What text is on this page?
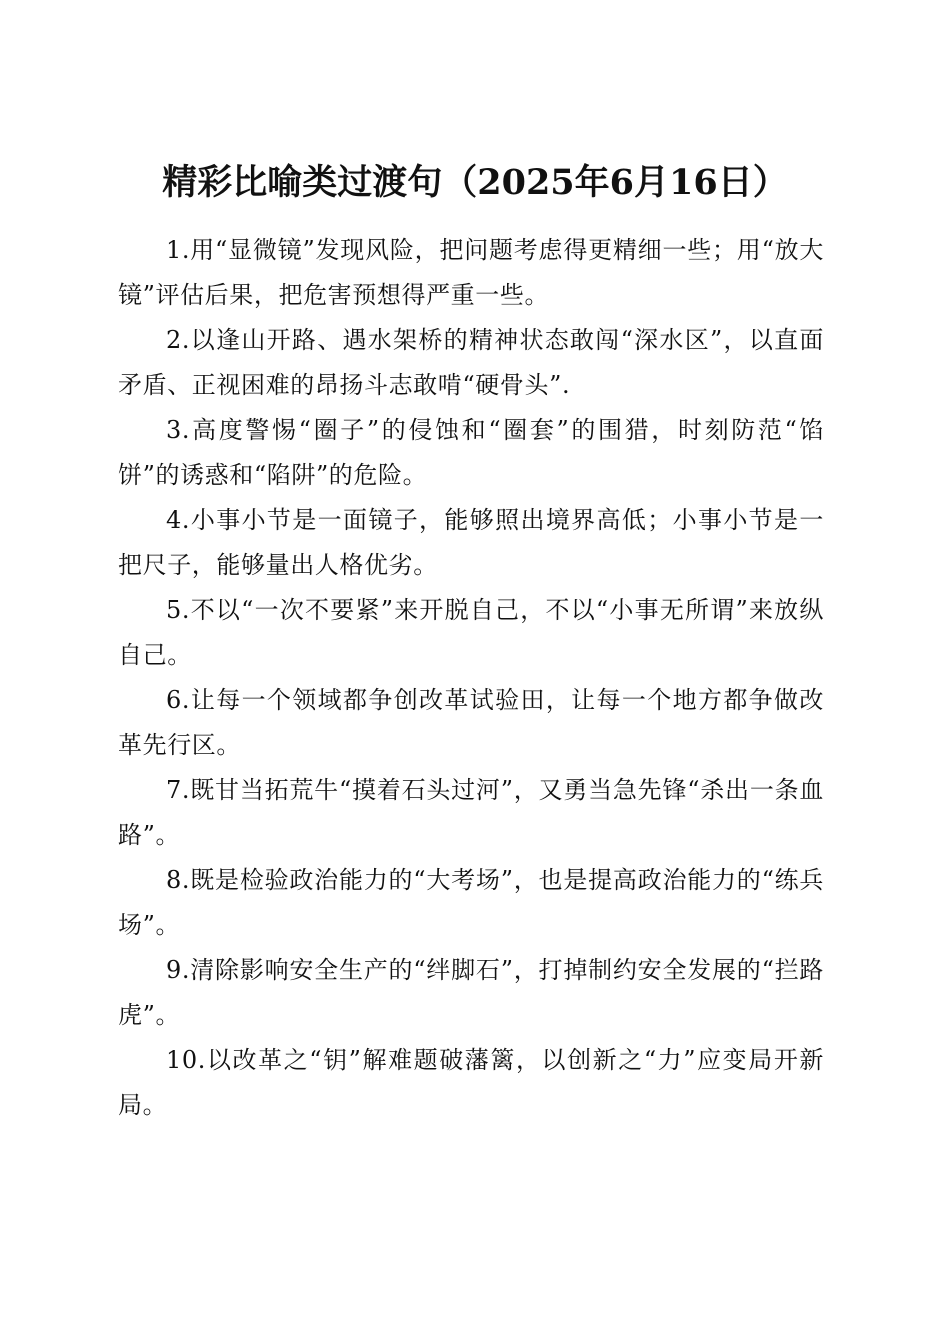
精彩比喻类过渡句（2025年6月16日）

1.用“显微镜”发现风险，把问题考虑得更精细一些；用“放大镜”评估后果，把危害预想得严重一些。

2.以逢山开路、遇水架桥的精神状态敢闯“深水区”，以直面矛盾、正视困难的昂扬斗志敢啃“硬骨头”.

3.高度警惕“圈子”的侵蚀和“圈套”的围猎，时刻防范“馅饼”的诱惑和“陷阱”的危险。

4.小事小节是一面镜子，能够照出境界高低；小事小节是一把尺子，能够量出人格优劣。

5.不以“一次不要紧”来开脱自己，不以“小事无所谓”来放纵自己。

6.让每一个领域都争创改革试验田，让每一个地方都争做改革先行区。

7.既甘当拓荒牛“摸着石头过河”，又勇当急先锋“杀出一条血路”。

8.既是检验政治能力的“大考场”，也是提高政治能力的“练兵场”。

9.清除影响安全生产的“绊脚石”，打掉制约安全发展的“拦路虎”。

10.以改革之“钥”解难题破藩篱，以创新之“力”应变局开新局。
